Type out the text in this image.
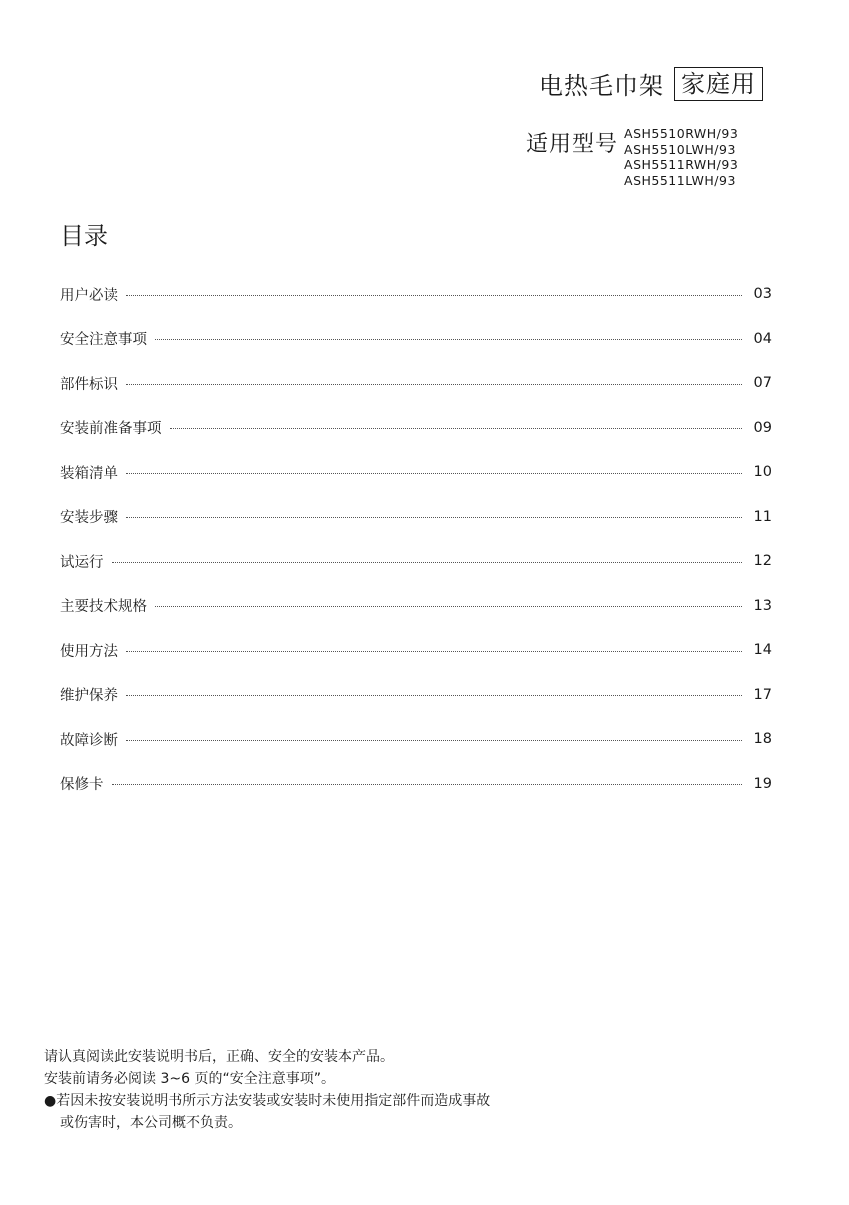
电热毛巾架 家庭用
适用型号 ASH5510RWH/93
ASH5510LWH/93
ASH5511RWH/93
ASH5511LWH/93
目录
用户必读	03
安全注意事项	04
部件标识	07
安装前准备事项	09
装箱清单	10
安装步骤	11
试运行	12
主要技术规格	13
使用方法	14
维护保养	17
故障诊断	18
保修卡	19
请认真阅读此安装说明书后，正确、安全的安装本产品。
安装前请务必阅读 3~6 页的“安全注意事项”。
●若因未按安装说明书所示方法安装或安装时未使用指定部件而造成事故
或伤害时，本公司概不负责。
